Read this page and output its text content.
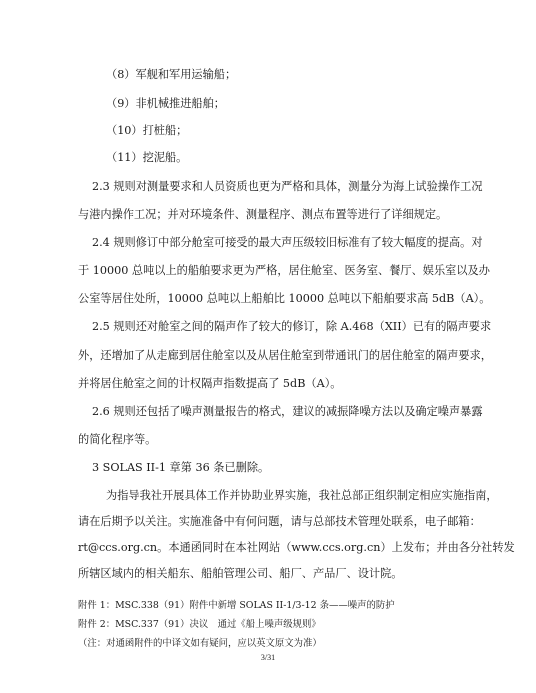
（8）军舰和军用运输船；
（9）非机械推进船舶；
（10）打桩船；
（11）挖泥船。
2.3 规则对测量要求和人员资质也更为严格和具体，测量分为海上试验操作工况
与港内操作工况；并对环境条件、测量程序、测点布置等进行了详细规定。
2.4 规则修订中部分舱室可接受的最大声压级较旧标准有了较大幅度的提高。对
于 10000 总吨以上的船舶要求更为严格，居住舱室、医务室、餐厅、娱乐室以及办
公室等居住处所，10000 总吨以上船舶比 10000 总吨以下船舶要求高 5dB（A）。
2.5 规则还对舱室之间的隔声作了较大的修订，除 A.468（XII）已有的隔声要求
外，还增加了从走廊到居住舱室以及从居住舱室到带通讯门的居住舱室的隔声要求，
并将居住舱室之间的计权隔声指数提高了 5dB（A）。
2.6 规则还包括了噪声测量报告的格式，建议的减振降噪方法以及确定噪声暴露
的简化程序等。
3 SOLAS II-1 章第 36 条已删除。
为指导我社开展具体工作并协助业界实施，我社总部正组织制定相应实施指南，
请在后期予以关注。实施准备中有何问题，请与总部技术管理处联系，电子邮箱：
rt@ccs.org.cn。本通函同时在本社网站（www.ccs.org.cn）上发布；并由各分社转发
所辖区域内的相关船东、船舶管理公司、船厂、产品厂、设计院。
附件 1：MSC.338（91）附件中新增 SOLAS II-1/3-12 条——噪声的防护
附件 2：MSC.337（91）决议　通过《船上噪声级规则》
（注：对通函附件的中译文如有疑问，应以英文原文为准）
3/31
